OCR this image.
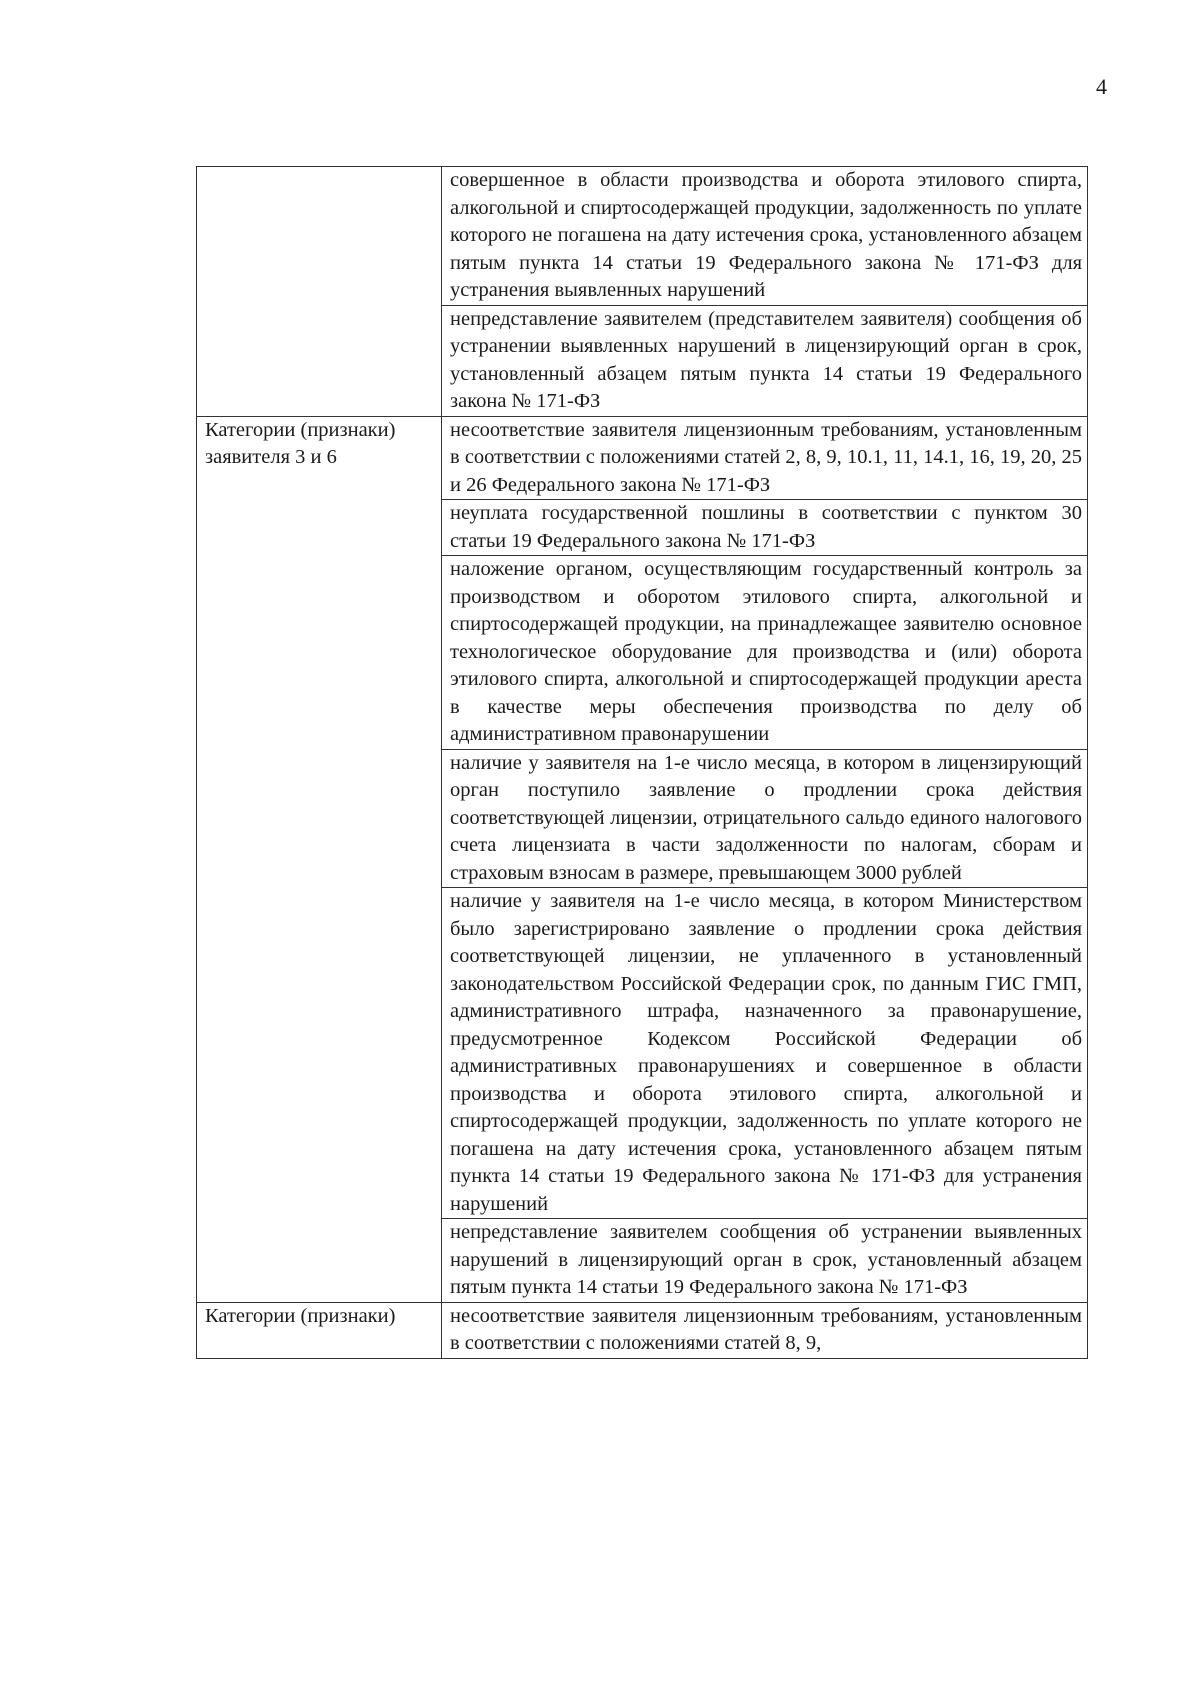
4
	совершенное в области производства и оборота этилового спирта, алкогольной и спиртосодержащей продукции, задолженность по уплате которого не погашена на дату истечения срока, установленного абзацем пятым пункта 14 статьи 19 Федерального закона № 171-ФЗ для устранения выявленных нарушений
	непредставление заявителем (представителем заявителя) сообщения об устранении выявленных нарушений в лицензирующий орган в срок, установленный абзацем пятым пункта 14 статьи 19 Федерального закона № 171-ФЗ
Категории (признаки) заявителя 3 и 6	несоответствие заявителя лицензионным требованиям, установленным в соответствии с положениями статей 2, 8, 9, 10.1, 11, 14.1, 16, 19, 20, 25 и 26 Федерального закона № 171-ФЗ
	неуплата государственной пошлины в соответствии с пунктом 30 статьи 19 Федерального закона № 171-ФЗ
	наложение органом, осуществляющим государственный контроль за производством и оборотом этилового спирта, алкогольной и спиртосодержащей продукции, на принадлежащее заявителю основное технологическое оборудование для производства и (или) оборота этилового спирта, алкогольной и спиртосодержащей продукции ареста в качестве меры обеспечения производства по делу об административном правонарушении
	наличие у заявителя на 1-е число месяца, в котором в лицензирующий орган поступило заявление о продлении срока действия соответствующей лицензии, отрицательного сальдо единого налогового счета лицензиата в части задолженности по налогам, сборам и страховым взносам в размере, превышающем 3000 рублей
	наличие у заявителя на 1-е число месяца, в котором Министерством было зарегистрировано заявление о продлении срока действия соответствующей лицензии, не уплаченного в установленный законодательством Российской Федерации срок, по данным ГИС ГМП, административного штрафа, назначенного за правонарушение, предусмотренное Кодексом Российской Федерации об административных правонарушениях и совершенное в области производства и оборота этилового спирта, алкогольной и спиртосодержащей продукции, задолженность по уплате которого не погашена на дату истечения срока, установленного абзацем пятым пункта 14 статьи 19 Федерального закона № 171-ФЗ для устранения нарушений
	непредставление заявителем сообщения об устранении выявленных нарушений в лицензирующий орган в срок, установленный абзацем пятым пункта 14 статьи 19 Федерального закона № 171-ФЗ
Категории (признаки)	несоответствие заявителя лицензионным требованиям, установленным в соответствии с положениями статей 8, 9,
